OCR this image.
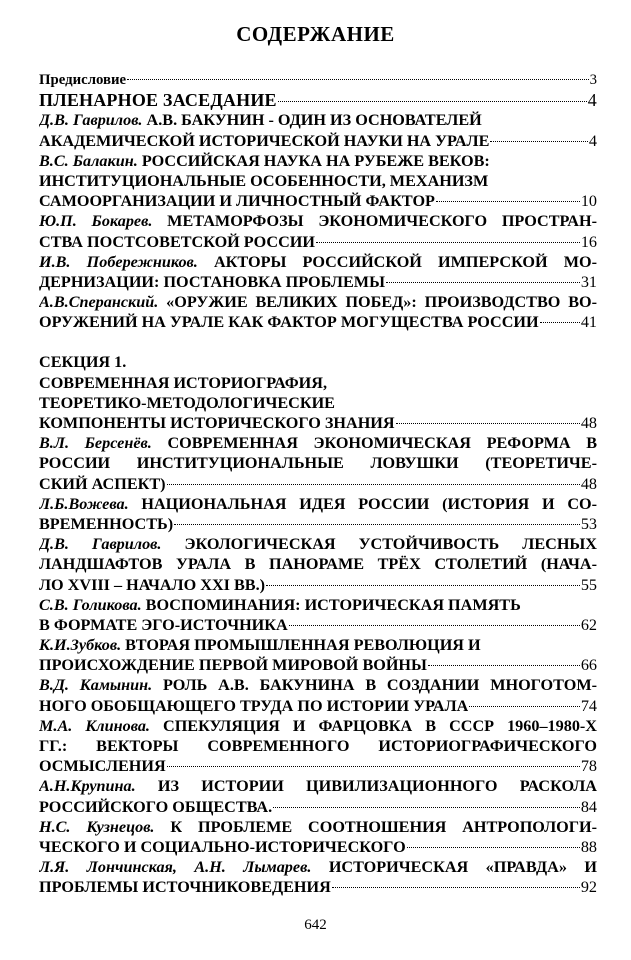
СОДЕРЖАНИЕ
Предисловие	3
ПЛЕНАРНОЕ ЗАСЕДАНИЕ	4
Д.В. Гаврилов. А.В. БАКУНИН - ОДИН ИЗ ОСНОВАТЕЛЕЙ
АКАДЕМИЧЕСКОЙ ИСТОРИЧЕСКОЙ НАУКИ НА УРАЛЕ	4
В.С. Балакин. РОССИЙСКАЯ НАУКА НА РУБЕЖЕ ВЕКОВ:
ИНСТИТУЦИОНАЛЬНЫЕ ОСОБЕННОСТИ, МЕХАНИЗМ
САМООРГАНИЗАЦИИ И ЛИЧНОСТНЫЙ ФАКТОР	10
Ю.П. Бокарев. МЕТАМОРФОЗЫ ЭКОНОМИЧЕСКОГО ПРОСТРАН-
СТВА ПОСТСОВЕТСКОЙ РОССИИ	16
И.В. Побережников. АКТОРЫ РОССИЙСКОЙ ИМПЕРСКОЙ МО-
ДЕРНИЗАЦИИ: ПОСТАНОВКА ПРОБЛЕМЫ	31
А.В.Сперанский. «ОРУЖИЕ ВЕЛИКИХ ПОБЕД»: ПРОИЗВОДСТВО ВО-
ОРУЖЕНИЙ НА УРАЛЕ КАК ФАКТОР МОГУЩЕСТВА РОССИИ	41
СЕКЦИЯ 1.
СОВРЕМЕННАЯ ИСТОРИОГРАФИЯ,
ТЕОРЕТИКО-МЕТОДОЛОГИЧЕСКИЕ
КОМПОНЕНТЫ ИСТОРИЧЕСКОГО ЗНАНИЯ	48
В.Л. Берсенёв. СОВРЕМЕННАЯ ЭКОНОМИЧЕСКАЯ РЕФОРМА В
РОССИИ ИНСТИТУЦИОНАЛЬНЫЕ ЛОВУШКИ (ТЕОРЕТИЧЕ-
СКИЙ АСПЕКТ)	48
Л.Б.Вожева. НАЦИОНАЛЬНАЯ ИДЕЯ РОССИИ (ИСТОРИЯ И СО-
ВРЕМЕННОСТЬ)	53
Д.В. Гаврилов. ЭКОЛОГИЧЕСКАЯ УСТОЙЧИВОСТЬ ЛЕСНЫХ
ЛАНДШАФТОВ УРАЛА В ПАНОРАМЕ ТРЁХ СТОЛЕТИЙ (НАЧА-
ЛО XVIII – НАЧАЛО XXI ВВ.)	55
С.В. Голикова. ВОСПОМИНАНИЯ: ИСТОРИЧЕСКАЯ ПАМЯТЬ
В ФОРМАТЕ ЭГО-ИСТОЧНИКА	62
К.И.Зубков. ВТОРАЯ ПРОМЫШЛЕННАЯ РЕВОЛЮЦИЯ И
ПРОИСХОЖДЕНИЕ ПЕРВОЙ МИРОВОЙ ВОЙНЫ	66
В.Д. Камынин. РОЛЬ А.В. БАКУНИНА В СОЗДАНИИ МНОГОТОМ-
НОГО ОБОБЩАЮЩЕГО ТРУДА ПО ИСТОРИИ УРАЛА	74
М.А. Клинова. СПЕКУЛЯЦИЯ И ФАРЦОВКА В СССР 1960–1980-Х
ГГ.: ВЕКТОРЫ СОВРЕМЕННОГО ИСТОРИОГРАФИЧЕСКОГО
ОСМЫСЛЕНИЯ	78
А.Н.Крупина. ИЗ ИСТОРИИ ЦИВИЛИЗАЦИОННОГО РАСКОЛА
РОССИЙСКОГО ОБЩЕСТВА.	84
Н.С. Кузнецов. К ПРОБЛЕМЕ СООТНОШЕНИЯ АНТРОПОЛОГИ-
ЧЕСКОГО И СОЦИАЛЬНО-ИСТОРИЧЕСКОГО	88
Л.Я. Лончинская, А.Н. Лымарев. ИСТОРИЧЕСКАЯ «ПРАВДА» И
ПРОБЛЕМЫ ИСТОЧНИКОВЕДЕНИЯ	92
642
